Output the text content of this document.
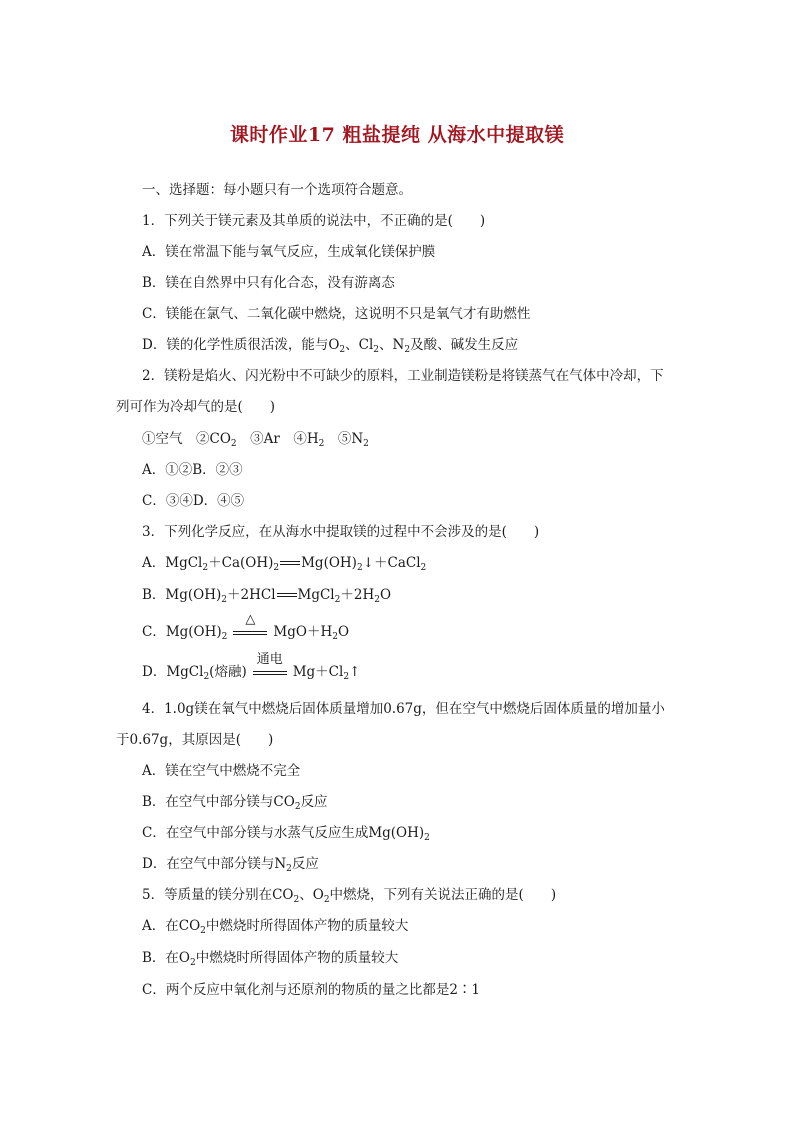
课时作业17 粗盐提纯 从海水中提取镁
一、选择题：每小题只有一个选项符合题意。
1．下列关于镁元素及其单质的说法中，不正确的是(　　)
A．镁在常温下能与氧气反应，生成氧化镁保护膜
B．镁在自然界中只有化合态，没有游离态
C．镁能在氯气、二氧化碳中燃烧，这说明不只是氧气才有助燃性
D．镁的化学性质很活泼，能与$O_2$、$Cl_2$、$N_2$及酸、碱发生反应
2．镁粉是焰火、闪光粉中不可缺少的原料，工业制造镁粉是将镁蒸气在气体中冷却，下
列可作为冷却气的是(　　)
①空气　$②CO_2$　③Ar　$④H_2$　$⑤N_2$
A．①②B．②③
C．③④D．④⑤
3．下列化学反应，在从海水中提取镁的过程中不会涉及的是(　　)
A．$MgCl_2+Ca(OH)_2$ $Mg(OH)_2↓+CaCl_2$
B．$Mg(OH)_2+2HCl$ $MgCl_2+2H_2O$
C．$Mg(OH)_2$
△
$MgO+H_2O$
D．MgCl$_2$(熔融)
通电
$Mg+Cl_2↑$
4．1.0g镁在氧气中燃烧后固体质量增加0.67g，但在空气中燃烧后固体质量的增加量小
于0.67g，其原因是(　　)
A．镁在空气中燃烧不完全
B．在空气中部分镁与$CO_2$反应
C．在空气中部分镁与水蒸气反应生成$Mg(OH)_2$
D．在空气中部分镁与$N_2$反应
5．等质量的镁分别在$CO_2$、$O_2$中燃烧，下列有关说法正确的是(　　)
A．在$CO_2$中燃烧时所得固体产物的质量较大
B．在$O_2$中燃烧时所得固体产物的质量较大
C．两个反应中氧化剂与还原剂的物质的量之比都是2∶1
